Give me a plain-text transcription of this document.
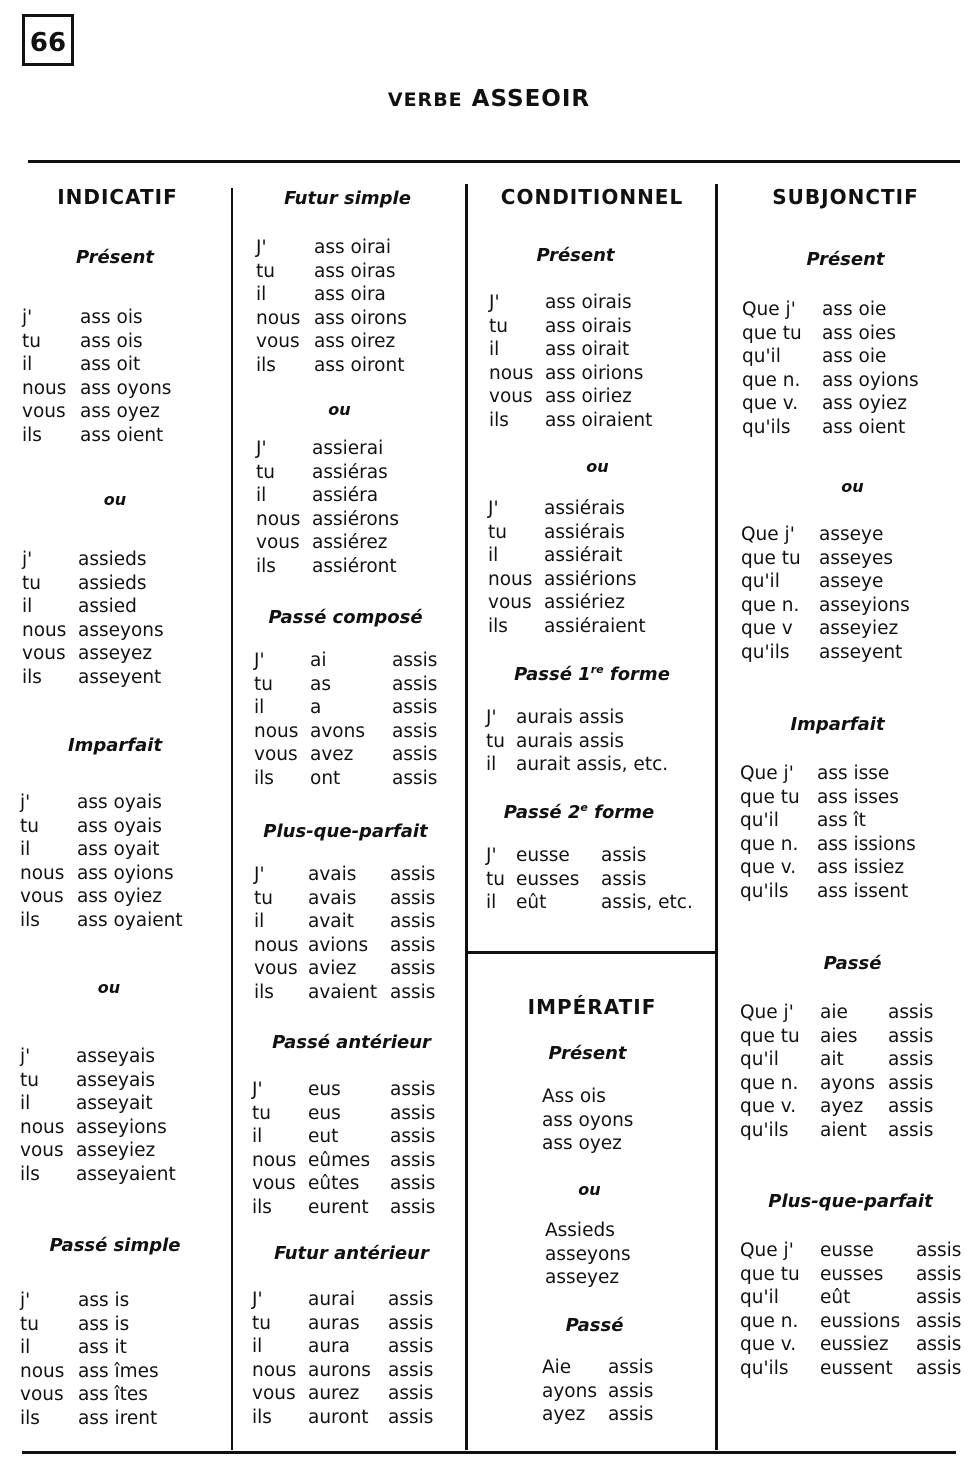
66
VERBE ASSEOIR
INDICATIF
Présent
ou
Imparfait
ou
Passé simple
Futur simple
ou
Passé composé
Plus-que-parfait
Passé antérieur
Futur antérieur
CONDITIONNEL
Présent
ou
Passé 1re forme
Passé 2e forme
IMPÉRATIF
Présent
ou
Passé
SUBJONCTIF
Présent
ou
Imparfait
Passé
Plus-que-parfait
j'	ass ois
tu ass ois
il	ass oit
nous ass oyons
vous ass oyez
ils ass oient
j' assieds
tu assieds
il assied
nous asseyons
vous asseyez
ils asseyent
j'	ass oyais
tu ass oyais
il	ass oyait
nous ass oyions
vous ass oyiez
ils ass oyaient
j' asseyais
tu asseyais
il asseyait
nous asseyions
vous asseyiez
ils asseyaient
j'	ass is
tu ass is
il	ass it
nous ass îmes
vous ass îtes
ils ass irent
J'	ass oirai
tu ass oiras
il	ass oira
nous ass oirons
vous ass oirez
ils ass oiront
J' assierai
tu assiéras
il assiéra
nous assiérons
vous assiérez
ils assiéront
J' ai	assis
tu as	assis
il a	assis
nous avons assis
vous avez assis
ils ont	assis
J' avais assis
tu avais assis
il avait assis
nous avions assis
vous aviez assis
ils avaient assis
J' eus	assis
tu eus	assis
il eut	assis
nous eûmes assis
vous eûtes assis
ils eurent assis
J' aurai assis
tu auras assis
il aura assis
nous aurons assis
vous aurez assis
ils auront assis
J' ass oirais
tu ass oirais
il ass oirait
nous ass oirions
vous ass oiriez
ils ass oiraient
J' assiérais
tu assiérais
il assiérait
nous assiérions
vous assiériez
ils assiéraient
J' aurais assis
tu aurais assis
il aurait assis, etc.
J' eusse assis
tu eusses assis
il eût	assis, etc.
Aie assis
ayons assis
ayez assis
Que j' ass oie
que tu ass oies
qu'il ass oie
que n. ass oyions
que v. ass oyiez
qu'ils ass oient
Que j' asseye
que tu asseyes
qu'il asseye
que n. asseyions
que v asseyiez
qu'ils asseyent
Que j' ass isse
que tu ass isses
qu'il ass ît
que n. ass issions
que v. ass issiez
qu'ils ass issent
Que j' aie assis
que tu aies assis
qu'il ait assis
que n. ayons assis
que v. ayez assis
qu'ils aient assis
Que j' eusse assis
que tu eusses assis
qu'il eût	assis
que n. eussions assis
que v. eussiez assis
qu'ils eussent assis
Ass ois
ass oyons
ass oyez
Assieds
asseyons
asseyez
